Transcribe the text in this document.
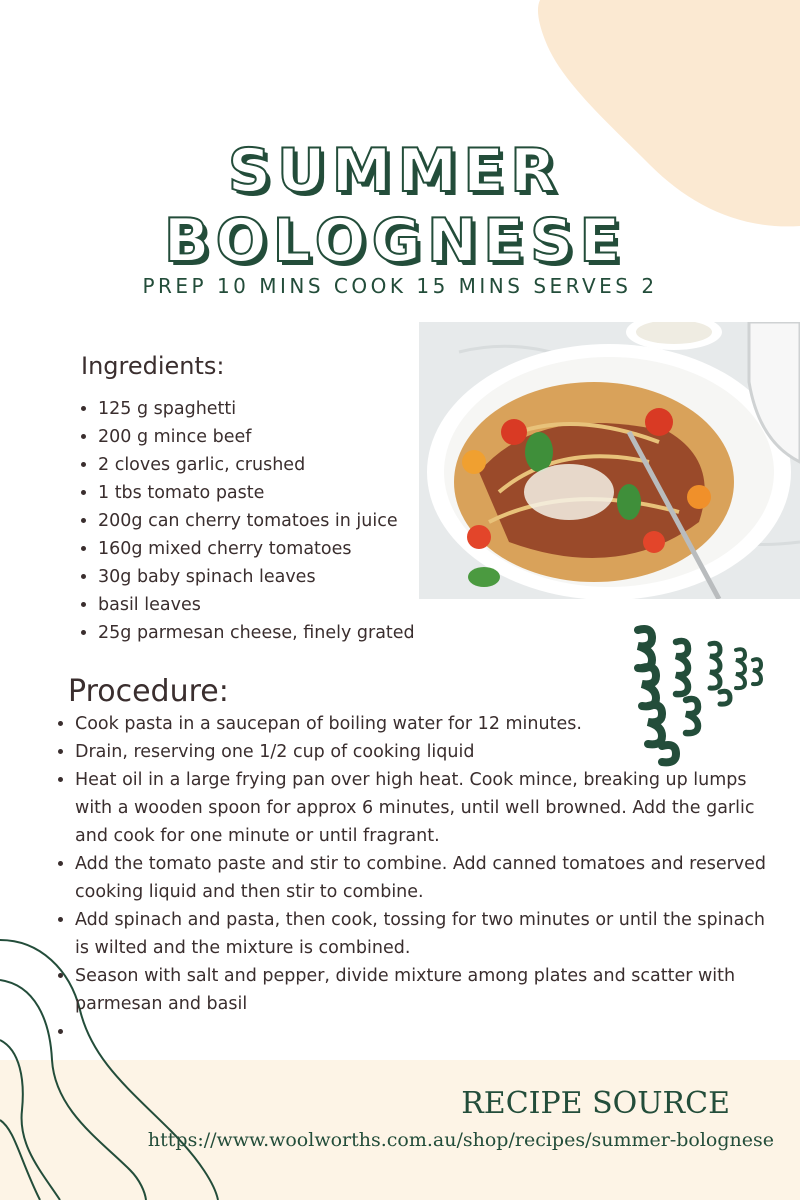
SUMMER BOLOGNESE
PREP 10 MINS COOK 15 MINS SERVES 2
Ingredients:
• 125 g spaghetti
• 200 g mince beef
• 2 cloves garlic, crushed
• 1 tbs tomato paste
• 200g can cherry tomatoes in juice
• 160g mixed cherry tomatoes
• 30g baby spinach leaves
• basil leaves
• 25g parmesan cheese, finely grated
Procedure:
• Cook pasta in a saucepan of boiling water for 12 minutes.
• Drain, reserving one 1/2 cup of cooking liquid
• Heat oil in a large frying pan over high heat. Cook mince, breaking up lumps with a wooden spoon for approx 6 minutes, until well browned. Add the garlic and cook for one minute or until fragrant.
• Add the tomato paste and stir to combine. Add canned tomatoes and reserved cooking liquid and then stir to combine.
• Add spinach and pasta, then cook, tossing for two minutes or until the spinach is wilted and the mixture is combined.
• Season with salt and pepper, divide mixture among plates and scatter with parmesan and basil
•
RECIPE SOURCE
https://www.woolworths.com.au/shop/recipes/summer-bolognese
